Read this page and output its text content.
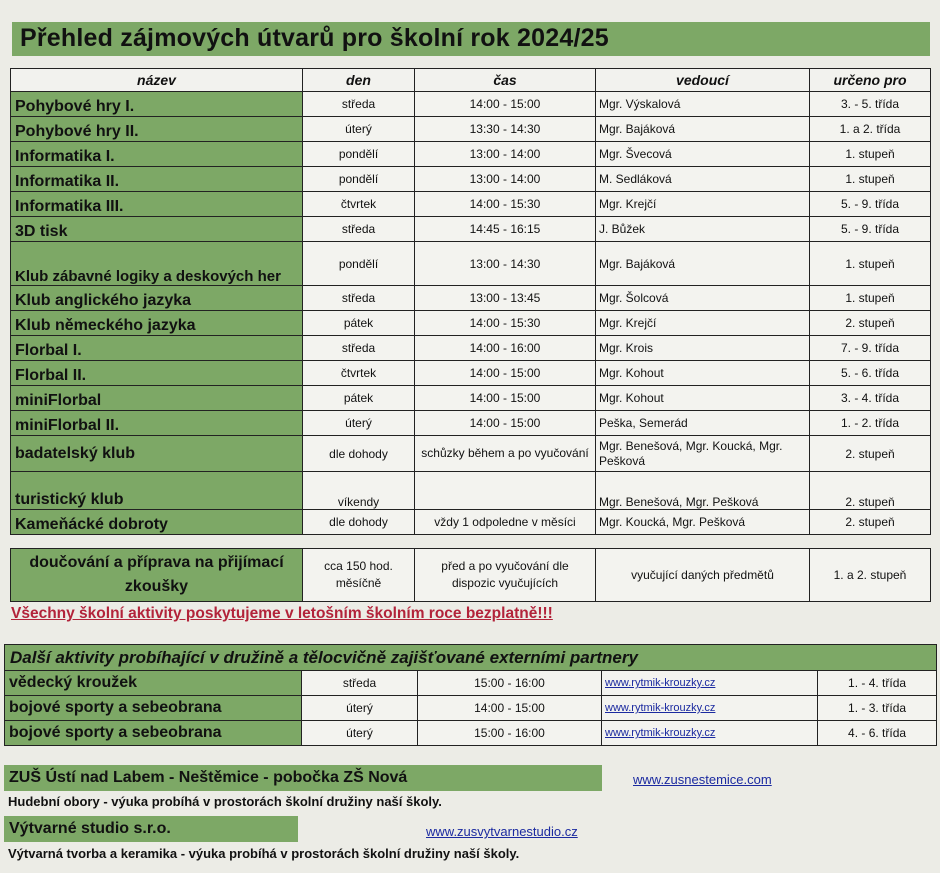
Přehled zájmových útvarů pro školní rok 2024/25
název	den	čas	vedoucí	určeno pro
Pohybové hry I.	středa	14:00 - 15:00	Mgr. Výskalová	3. - 5. třída
Pohybové hry II.	úterý	13:30 - 14:30	Mgr. Bajáková	1. a 2. třída
Informatika I.	pondělí	13:00 - 14:00	Mgr. Švecová	1. stupeň
Informatika II.	pondělí	13:00 - 14:00	M. Sedláková	1. stupeň
Informatika III.	čtvrtek	14:00 - 15:30	Mgr. Krejčí	5. - 9. třída
3D tisk	středa	14:45 - 16:15	J. Bůžek	5. - 9. třída
Klub zábavné logiky a deskových her	pondělí	13:00 - 14:30	Mgr. Bajáková	1. stupeň
Klub anglického jazyka	středa	13:00 - 13:45	Mgr. Šolcová	1. stupeň
Klub německého jazyka	pátek	14:00 - 15:30	Mgr. Krejčí	2. stupeň
Florbal I.	středa	14:00 - 16:00	Mgr. Krois	7. - 9. třída
Florbal II.	čtvrtek	14:00 - 15:00	Mgr. Kohout	5. - 6. třída
miniFlorbal	pátek	14:00 - 15:00	Mgr. Kohout	3. - 4. třída
miniFlorbal II.	úterý	14:00 - 15:00	Peška, Semerád	1. - 2. třída
badatelský klub	dle dohody	schůzky během a po vyučování	Mgr. Benešová, Mgr. Koucká, Mgr. Pešková	2. stupeň
turistický klub	víkendy		Mgr. Benešová, Mgr. Pešková	2. stupeň
Kameňácké dobroty	dle dohody	vždy 1 odpoledne v měsíci	Mgr. Koucká, Mgr. Pešková	2. stupeň
doučování a příprava na přijímací zkoušky	cca 150 hod. měsíčně	před a po vyučování dle dispozic vyučujících	vyučující daných předmětů	1. a 2. stupeň
Všechny školní aktivity poskytujeme v letošním školním roce bezplatně!!!
Další aktivity probíhající v družině a tělocvičně zajišťované externími partnery				
vědecký kroužek	středa	15:00 - 16:00	www.rytmik-krouzky.cz	1. - 4. třída
bojové sporty a sebeobrana	úterý	14:00 - 15:00	www.rytmik-krouzky.cz	1. - 3. třída
bojové sporty a sebeobrana	úterý	15:00 - 16:00	www.rytmik-krouzky.cz	4. - 6. třída
ZUŠ Ústí nad Labem - Neštěmice - pobočka ZŠ Nová	www.zusnestemice.com
Hudební obory - výuka probíhá v prostorách školní družiny naší školy.
Výtvarné studio s.r.o.	www.zusvytvarnestudio.cz
Výtvarná tvorba a keramika - výuka probíhá v prostorách školní družiny naší školy.
